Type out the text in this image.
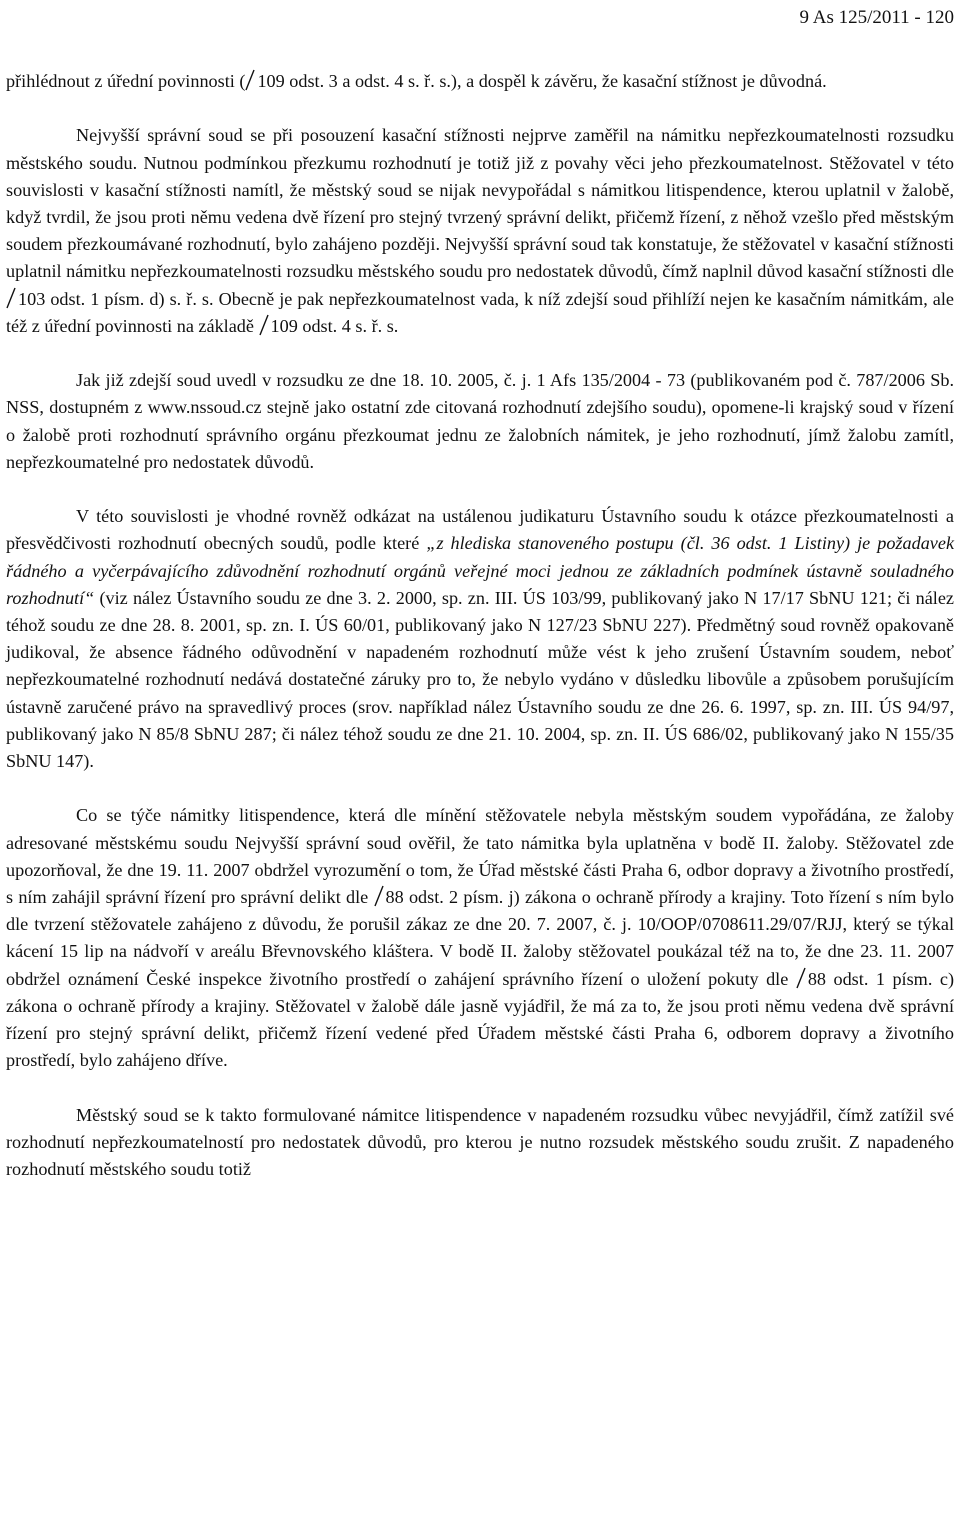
9 As 125/2011 - 120

přihlédnout z úřední povinnosti ( 109 odst. 3 a odst. 4 s. ř. s.), a dospěl k závěru, že kasační stížnost je důvodná.

Nejvyšší správní soud se při posouzení kasační stížnosti nejprve zaměřil na námitku nepřezkoumatelnosti rozsudku městského soudu. Nutnou podmínkou přezkumu rozhodnutí je totiž již z povahy věci jeho přezkoumatelnost. Stěžovatel v této souvislosti v kasační stížnosti namítl, že městský soud se nijak nevypořádal s námitkou litispendence, kterou uplatnil v žalobě, když tvrdil, že jsou proti němu vedena dvě řízení pro stejný tvrzený správní delikt, přičemž řízení, z něhož vzešlo před městským soudem přezkoumávané rozhodnutí, bylo zahájeno později. Nejvyšší správní soud tak konstatuje, že stěžovatel v kasační stížnosti uplatnil námitku nepřezkoumatelnosti rozsudku městského soudu pro nedostatek důvodů, čímž naplnil důvod kasační stížnosti dle
103 odst. 1 písm. d) s. ř. s. Obecně je pak nepřezkoumatelnost vada, k níž zdejší soud přihlíží nejen ke kasačním námitkám, ale též z úřední povinnosti na základě
109 odst. 4 s. ř. s.

Jak již zdejší soud uvedl v rozsudku ze dne 18. 10. 2005, č. j. 1 Afs 135/2004 - 73 (publikovaném pod č. 787/2006 Sb. NSS, dostupném z www.nssoud.cz stejně jako ostatní zde citovaná rozhodnutí zdejšího soudu), opomene-li krajský soud v řízení o žalobě proti rozhodnutí správního orgánu přezkoumat jednu ze žalobních námitek, je jeho rozhodnutí, jímž žalobu zamítl, nepřezkoumatelné pro nedostatek důvodů.

V této souvislosti je vhodné rovněž odkázat na ustálenou judikaturu Ústavního soudu k otázce přezkoumatelnosti a přesvědčivosti rozhodnutí obecných soudů, podle které „z hlediska stanoveného postupu (čl. 36 odst. 1 Listiny) je požadavek řádného a vyčerpávajícího zdůvodnění rozhodnutí orgánů veřejné moci jednou ze základních podmínek ústavně souladného rozhodnutí“ (viz nález Ústavního soudu ze dne 3. 2. 2000, sp. zn. III. ÚS 103/99, publikovaný jako N 17/17 SbNU 121; či nález téhož soudu ze dne 28. 8. 2001, sp. zn. I. ÚS 60/01, publikovaný jako N 127/23 SbNU 227). Předmětný soud rovněž opakovaně judikoval, že absence řádného odůvodnění v napadeném rozhodnutí může vést k jeho zrušení Ústavním soudem, neboť nepřezkoumatelné rozhodnutí nedává dostatečné záruky pro to, že nebylo vydáno v důsledku libovůle a způsobem porušujícím ústavně zaručené právo na spravedlivý proces (srov. například nález Ústavního soudu ze dne 26. 6. 1997, sp. zn. III. ÚS 94/97, publikovaný jako N 85/8 SbNU 287; či nález téhož soudu ze dne 21. 10. 2004, sp. zn. II. ÚS 686/02, publikovaný jako N 155/35 SbNU 147).

Co se týče námitky litispendence, která dle mínění stěžovatele nebyla městským soudem vypořádána, ze žaloby adresované městskému soudu Nejvyšší správní soud ověřil, že tato námitka byla uplatněna v bodě II. žaloby. Stěžovatel zde upozorňoval, že dne 19. 11. 2007 obdržel vyrozumění o tom, že Úřad městské části Praha 6, odbor dopravy a životního prostředí, s ním zahájil správní řízení pro správní delikt dle
88 odst. 2 písm. j) zákona o ochraně přírody a krajiny. Toto řízení s ním bylo dle tvrzení stěžovatele zahájeno z důvodu, že porušil zákaz ze dne 20. 7. 2007, č. j. 10/OOP/0708611.29/07/RJJ, který se týkal kácení 15 lip na nádvoří v areálu Břevnovského kláštera. V bodě II. žaloby stěžovatel poukázal též na to, že dne 23. 11. 2007 obdržel oznámení České inspekce životního prostředí o zahájení správního řízení o uložení pokuty dle
88 odst. 1 písm. c) zákona o ochraně přírody a krajiny. Stěžovatel v žalobě dále jasně vyjádřil, že má za to, že jsou proti němu vedena dvě správní řízení pro stejný správní delikt, přičemž řízení vedené před Úřadem městské části Praha 6, odborem dopravy a životního prostředí, bylo zahájeno dříve.

Městský soud se k takto formulované námitce litispendence v napadeném rozsudku vůbec nevyjádřil, čímž zatížil své rozhodnutí nepřezkoumatelností pro nedostatek důvodů, pro kterou je nutno rozsudek městského soudu zrušit. Z napadeného rozhodnutí městského soudu totiž
